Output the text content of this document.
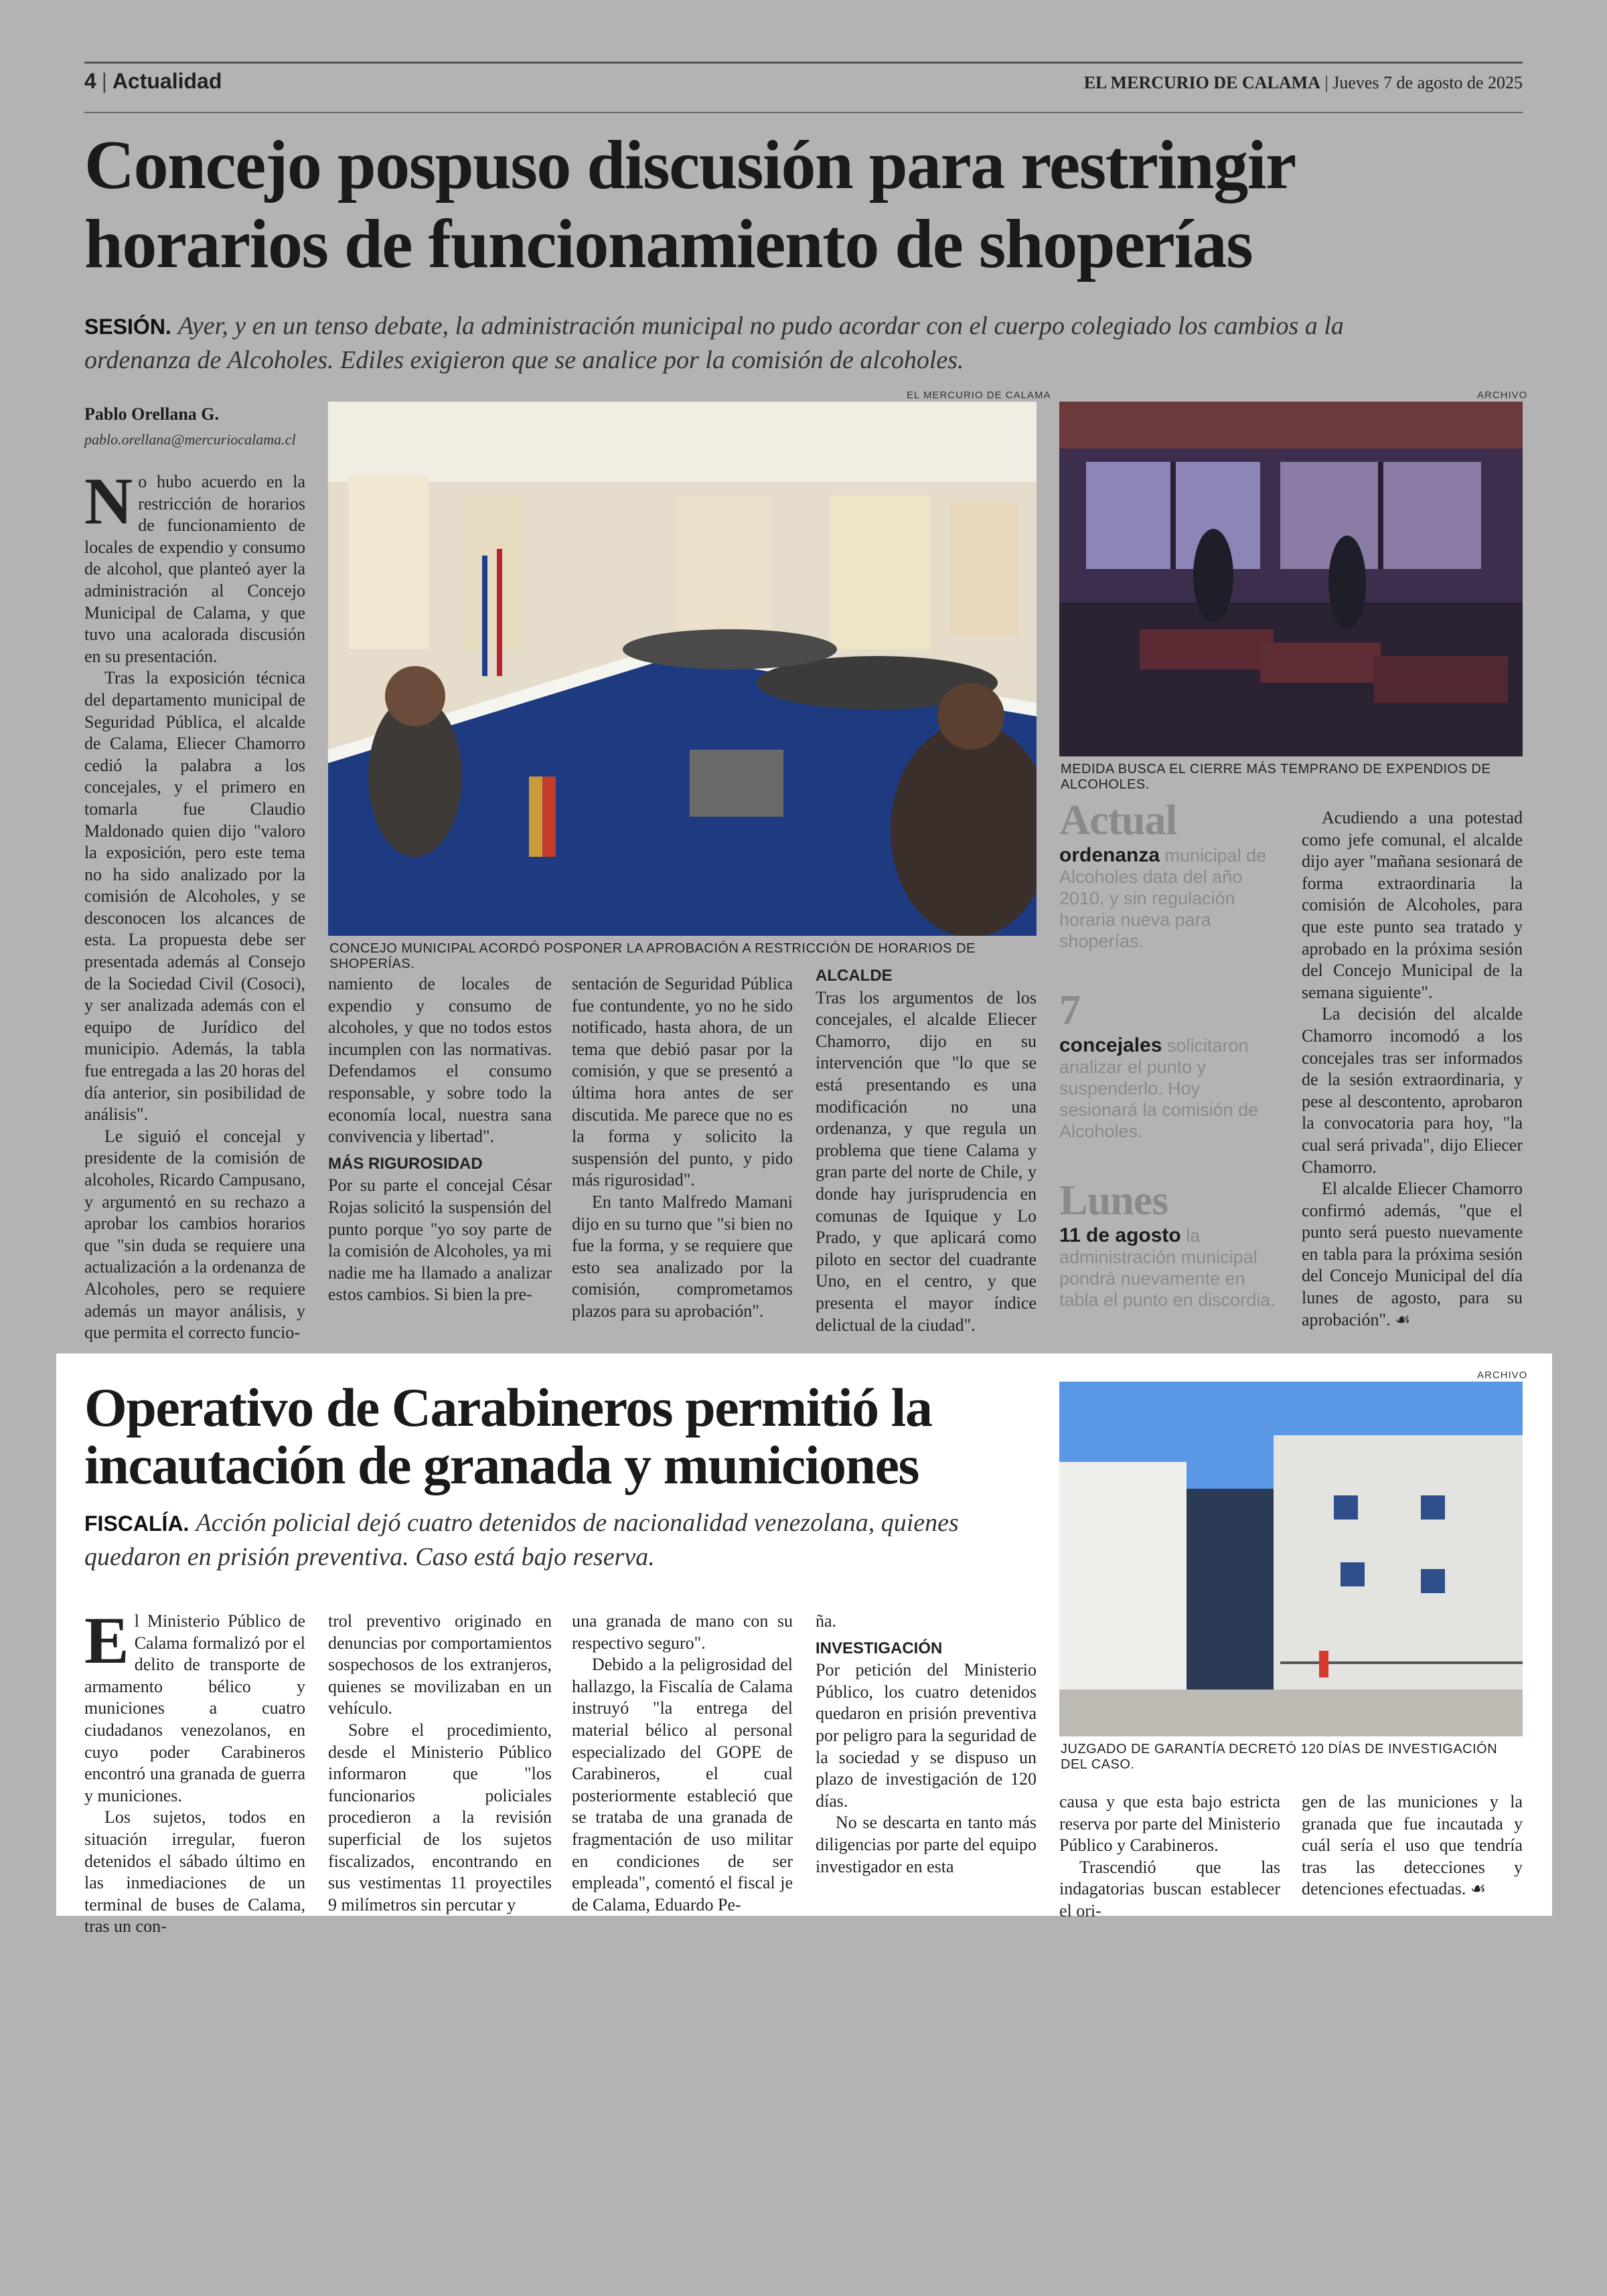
4 | Actualidad	EL MERCURIO DE CALAMA | Jueves 7 de agosto de 2025
Concejo pospuso discusión para restringir horarios de funcionamiento de shoperías
SESIÓN. Ayer, y en un tenso debate, la administración municipal no pudo acordar con el cuerpo colegiado los cambios a la ordenanza de Alcoholes. Ediles exigieron que se analice por la comisión de alcoholes.
Pablo Orellana G.
pablo.orellana@mercuriocalama.cl

No hubo acuerdo en la restricción de horarios de funcionamiento de locales de expendio y consumo de alcohol, que planteó ayer la administración al Concejo Municipal de Calama, y que tuvo una acalorada discusión en su presentación.

Tras la exposición técnica del departamento municipal de Seguridad Pública, el alcalde de Calama, Eliecer Chamorro cedió la palabra a los concejales, y el primero en tomarla fue Claudio Maldonado quien dijo "valoro la exposición, pero este tema no ha sido analizado por la comisión de Alcoholes, y se desconocen los alcances de esta. La propuesta debe ser presentada además al Consejo de la Sociedad Civil (Cosoci), y ser analizada además con el equipo de Jurídico del municipio. Además, la tabla fue entregada a las 20 horas del día anterior, sin posibilidad de análisis".

Le siguió el concejal y presidente de la comisión de alcoholes, Ricardo Campusano, y argumentó en su rechazo a aprobar los cambios horarios que "sin duda se requiere una actualización a la ordenanza de Alcoholes, pero se requiere además un mayor análisis, y que permita el correcto funcio-

EL MERCURIO DE CALAMA
CONCEJO MUNICIPAL ACORDÓ POSPONER LA APROBACIÓN A RESTRICCIÓN DE HORARIOS DE SHOPERÍAS.
ARCHIVO
MEDIDA BUSCA EL CIERRE MÁS TEMPRANO DE EXPENDIOS DE ALCOHOLES.

namiento de locales de expendio y consumo de alcoholes, y que no todos estos incumplen con las normativas. Defendamos el consumo responsable, y sobre todo la economía local, nuestra sana convivencia y libertad".

MÁS RIGUROSIDAD

Por su parte el concejal César Rojas solicitó la suspensión del punto porque "yo soy parte de la comisión de Alcoholes, ya mi nadie me ha llamado a analizar estos cambios. Si bien la pre-

sentación de Seguridad Pública fue contundente, yo no he sido notificado, hasta ahora, de un tema que debió pasar por la comisión, y que se presentó a última hora antes de ser discutida. Me parece que no es la forma y solicito la suspensión del punto, y pido más rigurosidad".

En tanto Malfredo Mamani dijo en su turno que "si bien no fue la forma, y se requiere que esto sea analizado por la comisión, comprometamos plazos para su aprobación".

ALCALDE

Tras los argumentos de los concejales, el alcalde Eliecer Chamorro, dijo en su intervención que "lo que se está presentando es una modificación no una ordenanza, y que regula un problema que tiene Calama y gran parte del norte de Chile, y donde hay jurisprudencia en comunas de Iquique y Lo Prado, y que aplicará como piloto en sector del cuadrante Uno, en el centro, y que presenta el mayor índice delictual de la ciudad".

Actual
ordenanza municipal de Alcoholes data del año 2010, y sin regulación horaria nueva para shoperías.
7
concejales solicitaron analizar el punto y suspenderlo. Hoy sesionará la comisión de Alcoholes.
Lunes
11 de agosto la administración municipal pondrá nuevamente en tabla el punto en discordia.

Acudiendo a una potestad como jefe comunal, el alcalde dijo ayer "mañana sesionará de forma extraordinaria la comisión de Alcoholes, para que este punto sea tratado y aprobado en la próxima sesión del Concejo Municipal de la semana siguiente".

La decisión del alcalde Chamorro incomodó a los concejales tras ser informados de la sesión extraordinaria, y pese al descontento, aprobaron la convocatoria para hoy, "la cual será privada", dijo Eliecer Chamorro.

El alcalde Eliecer Chamorro confirmó además, "que el punto será puesto nuevamente en tabla para la próxima sesión del Concejo Municipal del día lunes de agosto, para su aprobación". ☙

Operativo de Carabineros permitió la incautación de granada y municiones
FISCALÍA. Acción policial dejó cuatro detenidos de nacionalidad venezolana, quienes quedaron en prisión preventiva. Caso está bajo reserva.
ARCHIVO
JUZGADO DE GARANTÍA DECRETÓ 120 DÍAS DE INVESTIGACIÓN DEL CASO.

El Ministerio Público de Calama formalizó por el delito de transporte de armamento bélico y municiones a cuatro ciudadanos venezolanos, en cuyo poder Carabineros encontró una granada de guerra y municiones.

Los sujetos, todos en situación irregular, fueron detenidos el sábado último en las inmediaciones de un terminal de buses de Calama, tras un con-

trol preventivo originado en denuncias por comportamientos sospechosos de los extranjeros, quienes se movilizaban en un vehículo.

Sobre el procedimiento, desde el Ministerio Público informaron que "los funcionarios policiales procedieron a la revisión superficial de los sujetos fiscalizados, encontrando en sus vestimentas 11 proyectiles 9 milímetros sin percutar y

una granada de mano con su respectivo seguro".

Debido a la peligrosidad del hallazgo, la Fiscalía de Calama instruyó "la entrega del material bélico al personal especializado del GOPE de Carabineros, el cual posteriormente estableció que se trataba de una granada de fragmentación de uso militar en condiciones de ser empleada", comentó el fiscal je de Calama, Eduardo Pe-

ña.

INVESTIGACIÓN

Por petición del Ministerio Público, los cuatro detenidos quedaron en prisión preventiva por peligro para la seguridad de la sociedad y se dispuso un plazo de investigación de 120 días.

No se descarta en tanto más diligencias por parte del equipo investigador en esta

causa y que esta bajo estricta reserva por parte del Ministerio Público y Carabineros.

Trascendió que las indagatorias buscan establecer el ori-

gen de las municiones y la granada que fue incautada y cuál sería el uso que tendría tras las detecciones y detenciones efectuadas. ☙
